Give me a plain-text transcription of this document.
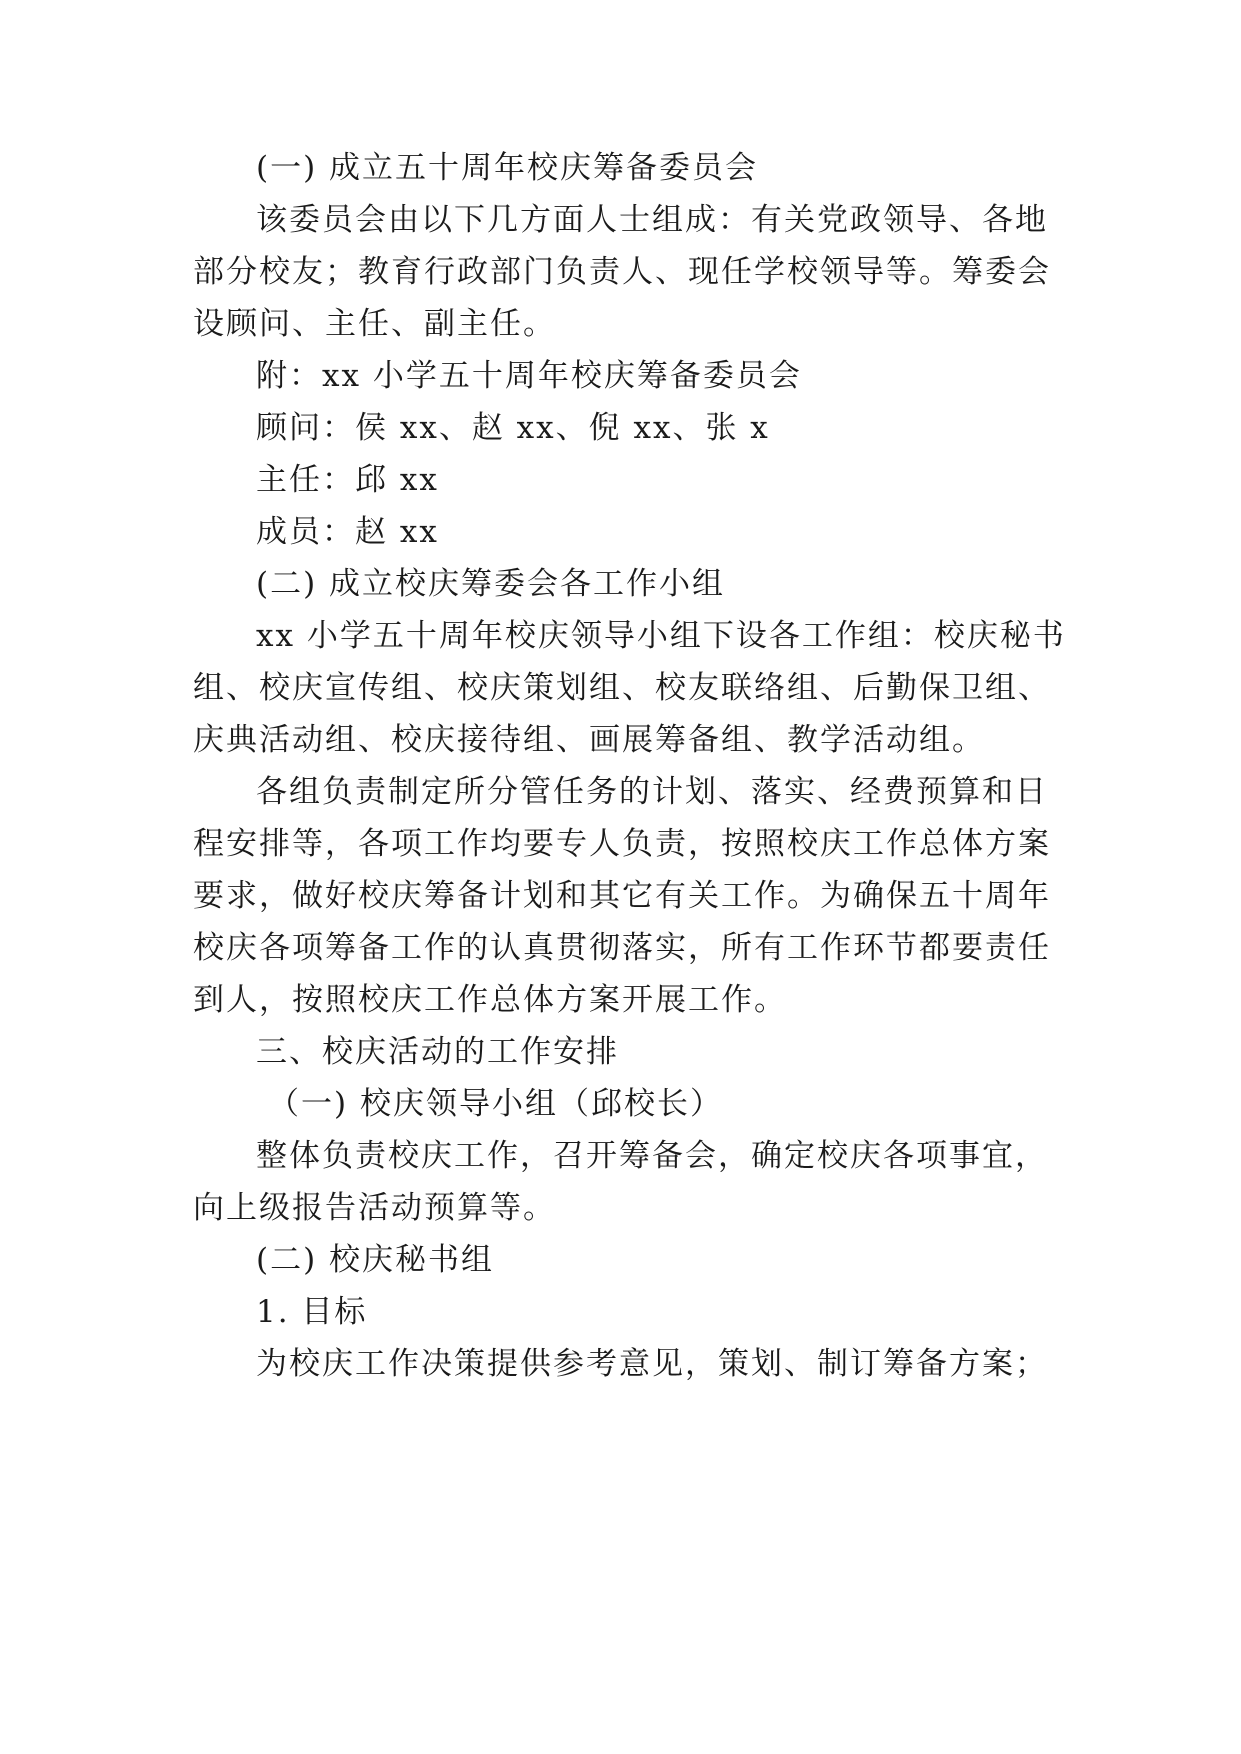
(一) 成立五十周年校庆筹备委员会
该委员会由以下几方面人士组成：有关党政领导、各地
部分校友；教育行政部门负责人、现任学校领导等。筹委会
设顾问、主任、副主任。
附：xx 小学五十周年校庆筹备委员会
顾问：侯 xx、赵 xx、倪 xx、张 x
主任：邱 xx
成员：赵 xx
(二) 成立校庆筹委会各工作小组
xx 小学五十周年校庆领导小组下设各工作组：校庆秘书
组、校庆宣传组、校庆策划组、校友联络组、后勤保卫组、
庆典活动组、校庆接待组、画展筹备组、教学活动组。
各组负责制定所分管任务的计划、落实、经费预算和日
程安排等，各项工作均要专人负责，按照校庆工作总体方案
要求，做好校庆筹备计划和其它有关工作。为确保五十周年
校庆各项筹备工作的认真贯彻落实，所有工作环节都要责任
到人，按照校庆工作总体方案开展工作。
三、校庆活动的工作安排
（一) 校庆领导小组（邱校长）
整体负责校庆工作，召开筹备会，确定校庆各项事宜，
向上级报告活动预算等。
(二) 校庆秘书组
1. 目标
为校庆工作决策提供参考意见，策划、制订筹备方案；
